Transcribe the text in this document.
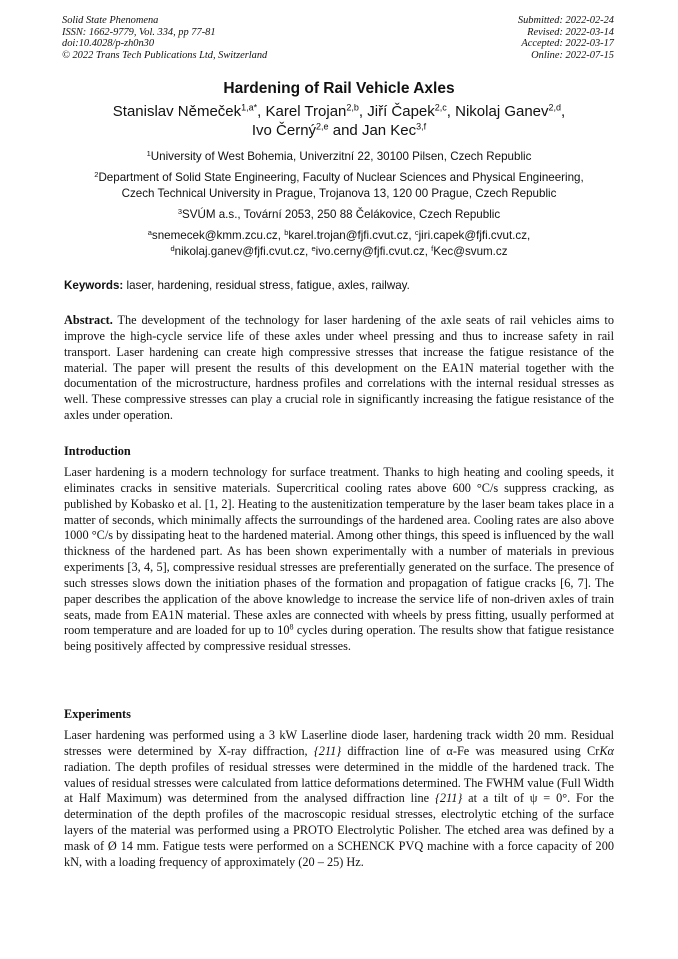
Solid State Phenomena
ISSN: 1662-9779, Vol. 334, pp 77-81
doi:10.4028/p-zh0n30
© 2022 Trans Tech Publications Ltd, Switzerland
Submitted: 2022-02-24
Revised: 2022-03-14
Accepted: 2022-03-17
Online: 2022-07-15
Hardening of Rail Vehicle Axles
Stanislav Němeček$^{1,a*}$, Karel Trojan$^{2,b}$, Jiří Čapek$^{2,c}$, Nikolaj Ganev$^{2,d}$,
Ivo Černý$^{2,e}$ and Jan Kec$^{3,f}$
$^1$University of West Bohemia, Univerzitní 22, 30100 Pilsen, Czech Republic
$^2$Department of Solid State Engineering, Faculty of Nuclear Sciences and Physical Engineering,
Czech Technical University in Prague, Trojanova 13, 120 00 Prague, Czech Republic
$^3$SVÚM a.s., Tovární 2053, 250 88 Čelákovice, Czech Republic
$^a$snemecek@kmm.zcu.cz, $^b$karel.trojan@fjfi.cvut.cz, $^c$jiri.capek@fjfi.cvut.cz,
$^d$nikolaj.ganev@fjfi.cvut.cz, $^e$ivo.cerny@fjfi.cvut.cz, $^f$Kec@svum.cz
Keywords: laser, hardening, residual stress, fatigue, axles, railway.
Abstract. The development of the technology for laser hardening of the axle seats of rail vehicles aims to improve the high-cycle service life of these axles under wheel pressing and thus to increase safety in rail transport. Laser hardening can create high compressive stresses that increase the fatigue resistance of the material. The paper will present the results of this development on the EA1N material together with the documentation of the microstructure, hardness profiles and correlations with the internal residual stresses as well. These compressive stresses can play a crucial role in significantly increasing the fatigue resistance of the axles under operation.
Introduction
Laser hardening is a modern technology for surface treatment. Thanks to high heating and cooling speeds, it eliminates cracks in sensitive materials. Supercritical cooling rates above 600 °C/s suppress cracking, as published by Kobasko et al. [1, 2]. Heating to the austenitization temperature by the laser beam takes place in a matter of seconds, which minimally affects the surroundings of the hardened area. Cooling rates are also above 1000 °C/s by dissipating heat to the hardened material. Among other things, this speed is influenced by the wall thickness of the hardened part. As has been shown experimentally with a number of materials in previous experiments [3, 4, 5], compressive residual stresses are preferentially generated on the surface. The presence of such stresses slows down the initiation phases of the formation and propagation of fatigue cracks [6, 7]. The paper describes the application of the above knowledge to increase the service life of non-driven axles of train seats, made from EA1N material. These axles are connected with wheels by press fitting, usually performed at room temperature and are loaded for up to $10^8$ cycles during operation. The results show that fatigue resistance being positively affected by compressive residual stresses.
Experiments
Laser hardening was performed using a 3 kW Laserline diode laser, hardening track width 20 mm. Residual stresses were determined by X-ray diffraction, {211} diffraction line of α-Fe was measured using CrKα radiation. The depth profiles of residual stresses were determined in the middle of the hardened track. The values of residual stresses were calculated from lattice deformations determined. The FWHM value (Full Width at Half Maximum) was determined from the analysed diffraction line {211} at a tilt of ψ = 0°. For the determination of the depth profiles of the macroscopic residual stresses, electrolytic etching of the surface layers of the material was performed using a PROTO Electrolytic Polisher. The etched area was defined by a mask of Ø 14 mm. Fatigue tests were performed on a SCHENCK PVQ machine with a force capacity of 200 kN, with a loading frequency of approximately (20 – 25) Hz.
